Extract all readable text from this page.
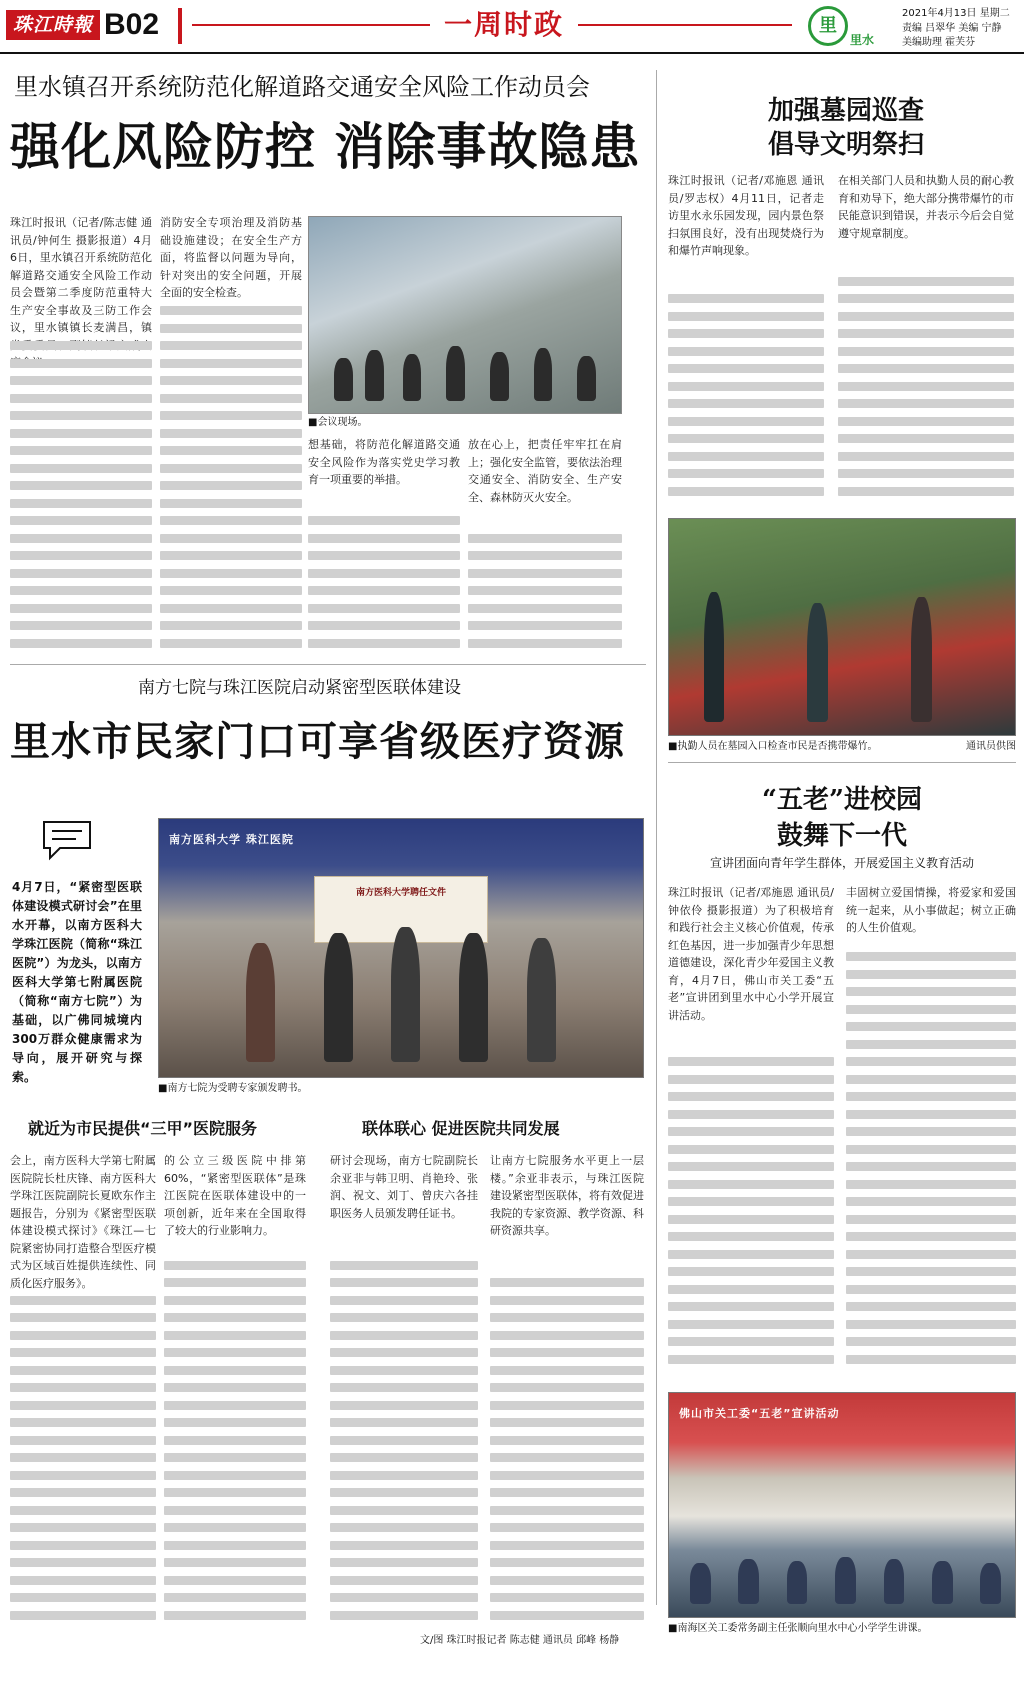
珠江時報 B02	一周时政	里
里水
2021年4月13日 星期二
责编 吕翠华 美编 宁静
美编助理 霍芙芬
里水镇召开系统防范化解道路交通安全风险工作动员会
强化风险防控 消除事故隐患

珠江时报讯（记者/陈志健 通讯员/钟何生 摄影报道）4月6日，里水镇召开系统防范化解道路交通安全风险工作动员会暨第二季度防范重特大生产安全事故及三防工作会议，里水镇镇长麦满昌，镇

消防安全专项治理及消防基础设施建设；在安全生产方面，将监督以问题为导向，针对突出的安全问题，开展全面的安全检查。

■会议现场。

想基础，将防范化解道路交通安全风险作为落实党史学习教育一项重要的举措。

放在心上，把责任牢牢扛在肩上；强化安全监管，要依法治理交通安全、消防安全、生产安全、森林防灭火安全。

加强墓园巡查
倡导文明祭扫

珠江时报讯（记者/邓施恩 通讯员/罗志权）4月11日，记者走访里水永乐园发现，园内景色祭扫氛围良好，没有出现焚烧行为和爆竹声响现象。

在相关部门人员和执勤人员的耐心教育和劝导下，绝大部分携带爆竹的市民能意识到错误，并表示今后会自觉遵守规章制度。

■执勤人员在墓园入口检查市民是否携带爆竹。	通讯员供图
南方七院与珠江医院启动紧密型医联体建设
里水市民家门口可享省级医疗资源
4月7日，“紧密型医联体建设模式研讨会”在里水开幕，以南方医科大学珠江医院（简称“珠江医院”）为龙头，以南方医科大学第七附属医院（简称“南方七院”）为基础，以广佛同城境内300万群众健康需求为导向，展开研究与探索。
南方医科大学 珠江医院
南方医科大学聘任文件
■南方七院为受聘专家颁发聘书。
就近为市民提供“三甲”医院服务	联体联心 促进医院共同发展

会上，南方医科大学第七附属医院院长杜庆锋、南方医科大学珠江医院副院长夏欧东作主题报告，分别为《紧密型医联体建设模式探讨》《珠江—七院紧密协同打造整合型医疗模式为区域百姓提供连续性、同质化医疗服务》。

的公立三级医院中排第60%，“紧密型医联体”是珠江医院在医联体建设中的一项创新，近年来在全国取得了较大的行业影响力。

研讨会现场，南方七院副院长余亚非与韩卫明、肖艳玲、张润、祝文、刘丁、曾庆六各挂职医务人员颁发聘任证书。

让南方七院服务水平更上一层楼。”余亚非表示，与珠江医院建设紧密型医联体，将有效促进我院的专家资源、教学资源、科研资源共享。

文/图 珠江时报记者 陈志健 通讯员 邱峰 杨静
“五老”进校园
鼓舞下一代
宣讲团面向青年学生群体，开展爱国主义教育活动

珠江时报讯（记者/邓施恩 通讯员/钟依伶 摄影报道）为了积极培育和践行社会主义核心价值观，传承红色基因，进一步加强青少年思想道德建设，深化青少年爱国主义教育，4月7日，佛山市关工委“五老”宣讲团到里水中心小学开展宣讲活动。

丰固树立爱国情操，将爱家和爱国统一起来，从小事做起；树立正确的人生价值观。

佛山市关工委“五老”宣讲活动
■南海区关工委常务副主任张顺向里水中心小学学生讲课。
